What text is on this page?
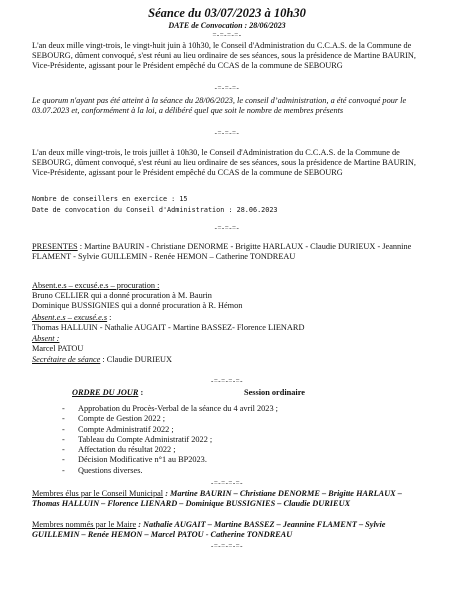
Séance du 03/07/2023 à 10h30
DATE de Convocation : 28/06/2023
=-=-=-=-
L'an deux mille vingt-trois, le vingt-huit juin à 10h30, le Conseil d'Administration du C.C.A.S. de la Commune de SEBOURG, dûment convoqué, s'est réuni au lieu ordinaire de ses séances, sous la présidence de Martine BAURIN, Vice-Présidente, agissant pour le Président empêché du CCAS de la commune de SEBOURG
-=-=-=-
Le quorum n'ayant pas été atteint à la séance du 28/06/2023, le conseil d’administration, a été convoqué pour le 03.07.2023 et, conformément à la loi, a délibéré quel que soit le nombre de membres présents
-=-=-=-
L'an deux mille vingt-trois, le trois juillet à 10h30, le Conseil d'Administration du C.C.A.S. de la Commune de SEBOURG, dûment convoqué, s'est réuni au lieu ordinaire de ses séances, sous la présidence de Martine BAURIN, Vice-Présidente, agissant pour le Président empêché du CCAS de la commune de SEBOURG
Nombre de conseillers en exercice : 15
Date de convocation du Conseil d'Administration : 28.06.2023
-=-=-=-
PRESENTES : Martine BAURIN - Christiane DENORME - Brigitte HARLAUX - Claudie DURIEUX - Jeannine FLAMENT - Sylvie GUILLEMIN - Renée HEMON – Catherine TONDREAU
Absent.e.s – excusé.e.s – procuration :
Bruno CELLIER qui a donné procuration à M. Baurin
Dominique BUSSIGNIES qui a donné procuration à R. Hémon
Absent.e.s – excusé.e.s :
Thomas HALLUIN - Nathalie AUGAIT - Martine BASSEZ- Florence LIENARD
Absent :
Marcel PATOU
Secrétaire de séance : Claudie DURIEUX
-=-=-=-=-
ORDRE DU JOUR :	Session ordinaire
- Approbation du Procès-Verbal de la séance du 4 avril 2023 ;
- Compte de Gestion 2022 ;
- Compte Administratif 2022 ;
- Tableau du Compte Administratif 2022 ;
- Affectation du résultat 2022 ;
- Décision Modificative n°1 au BP2023.
- Questions diverses.
-=-=-=-=-
Membres élus par le Conseil Municipal : Martine BAURIN – Christiane DENORME – Brigitte HARLAUX – Thomas HALLUIN – Florence LIENARD – Dominique BUSSIGNIES – Claudie DURIEUX
Membres nommés par le Maire : Nathalie AUGAIT – Martine BASSEZ – Jeannine FLAMENT – Sylvie GUILLEMIN – Renée HEMON – Marcel PATOU - Catherine TONDREAU
-=-=-=-=-
